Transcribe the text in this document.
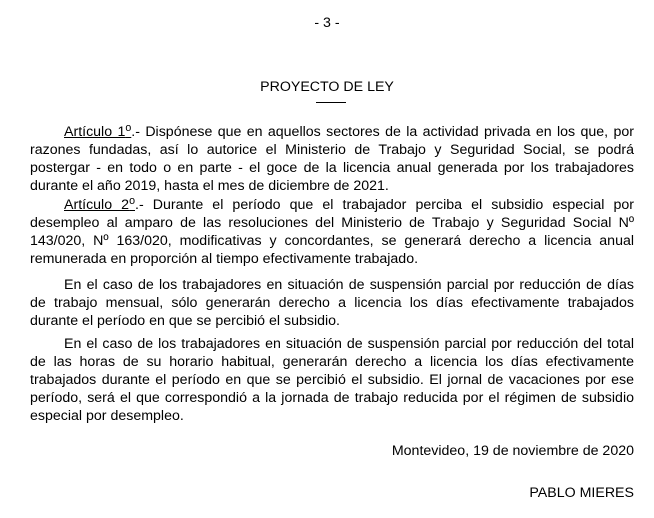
- 3 -
PROYECTO DE LEY

Artículo 1$^o$.- Dispónese que en aquellos sectores de la actividad privada en los que, por razones fundadas, así lo autorice el Ministerio de Trabajo y Seguridad Social, se podrá postergar - en todo o en parte - el goce de la licencia anual generada por los trabajadores durante el año 2019, hasta el mes de diciembre de 2021.

Artículo 2$^o$.- Durante el período que el trabajador perciba el subsidio especial por desempleo al amparo de las resoluciones del Ministerio de Trabajo y Seguridad Social Nº 143/020, Nº 163/020, modificativas y concordantes, se generará derecho a licencia anual remunerada en proporción al tiempo efectivamente trabajado.

En el caso de los trabajadores en situación de suspensión parcial por reducción de días de trabajo mensual, sólo generarán derecho a licencia los días efectivamente trabajados durante el período en que se percibió el subsidio.

En el caso de los trabajadores en situación de suspensión parcial por reducción del total de las horas de su horario habitual, generarán derecho a licencia los días efectivamente trabajados durante el período en que se percibió el subsidio. El jornal de vacaciones por ese período, será el que correspondió a la jornada de trabajo reducida por el régimen de subsidio especial por desempleo.

Montevideo, 19 de noviembre de 2020
PABLO MIERES
